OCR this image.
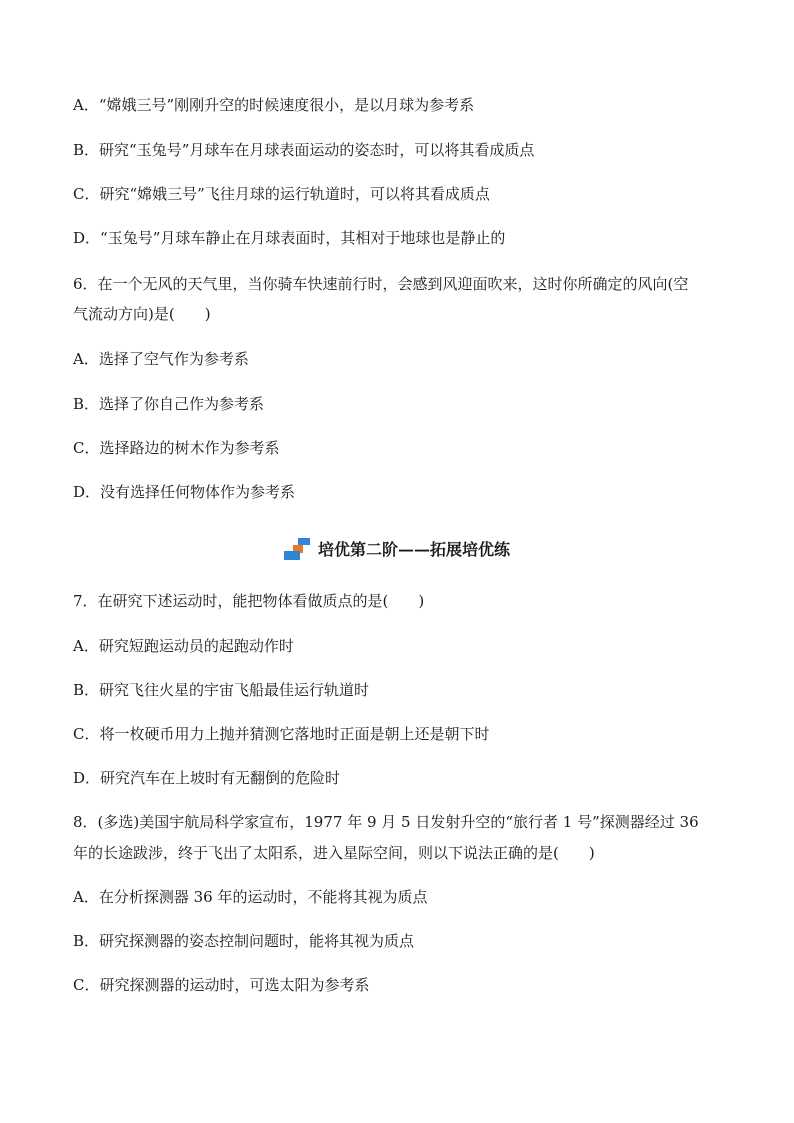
A．“嫦娥三号”刚刚升空的时候速度很小，是以月球为参考系
B．研究“玉兔号”月球车在月球表面运动的姿态时，可以将其看成质点
C．研究“嫦娥三号”飞往月球的运行轨道时，可以将其看成质点
D．“玉兔号”月球车静止在月球表面时，其相对于地球也是静止的
6．在一个无风的天气里，当你骑车快速前行时，会感到风迎面吹来，这时你所确定的风向(空
气流动方向)是(　　)
A．选择了空气作为参考系
B．选择了你自己作为参考系
C．选择路边的树木作为参考系
D．没有选择任何物体作为参考系
培优第二阶——拓展培优练
7．在研究下述运动时，能把物体看做质点的是(　　)
A．研究短跑运动员的起跑动作时
B．研究飞往火星的宇宙飞船最佳运行轨道时
C．将一枚硬币用力上抛并猜测它落地时正面是朝上还是朝下时
D．研究汽车在上坡时有无翻倒的危险时
8．(多选)美国宇航局科学家宣布，1977 年 9 月 5 日发射升空的“旅行者 1 号”探测器经过 36
年的长途跋涉，终于飞出了太阳系，进入星际空间，则以下说法正确的是(　　)
A．在分析探测器 36 年的运动时，不能将其视为质点
B．研究探测器的姿态控制问题时，能将其视为质点
C．研究探测器的运动时，可选太阳为参考系
